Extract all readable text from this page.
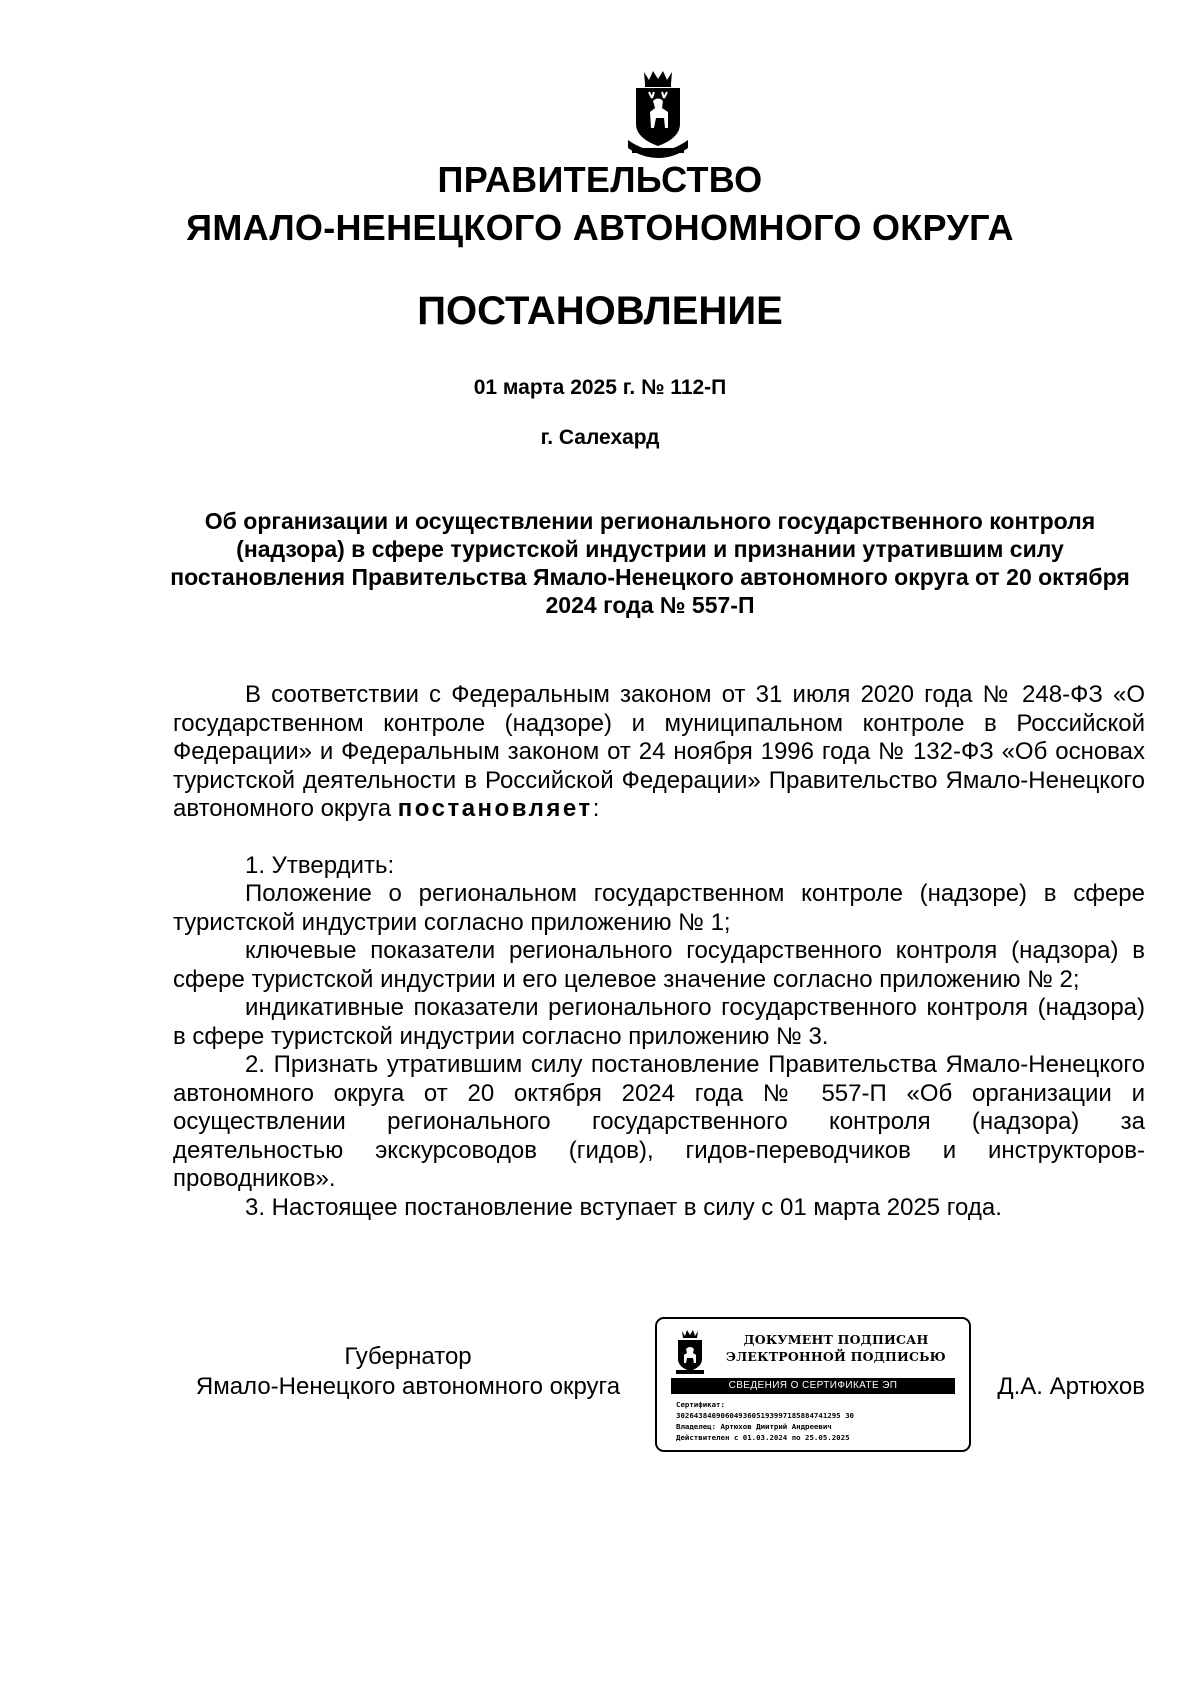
ПРАВИТЕЛЬСТВО
ЯМАЛО-НЕНЕЦКОГО АВТОНОМНОГО ОКРУГА
ПОСТАНОВЛЕНИЕ
01 марта 2025 г. № 112-П
г. Салехард
Об организации и осуществлении регионального государственного контроля (надзора) в сфере туристской индустрии и признании утратившим силу постановления Правительства Ямало-Ненецкого автономного округа от 20 октября 2024 года № 557-П

В соответствии с Федеральным законом от 31 июля 2020 года № 248-ФЗ «О государственном контроле (надзоре) и муниципальном контроле в Российской Федерации» и Федеральным законом от 24 ноября 1996 года № 132-ФЗ «Об основах туристской деятельности в Российской Федерации» Правительство Ямало-Ненецкого автономного округа постановляет:

1. Утвердить:

Положение о региональном государственном контроле (надзоре) в сфере туристской индустрии согласно приложению № 1;

ключевые показатели регионального государственного контроля (надзора) в сфере туристской индустрии и его целевое значение согласно приложению № 2;

индикативные показатели регионального государственного контроля (надзора) в сфере туристской индустрии согласно приложению № 3.

2. Признать утратившим силу постановление Правительства Ямало-Ненецкого автономного округа от 20 октября 2024 года № 557-П «Об организации и осуществлении регионального государственного контроля (надзора) за деятельностью экскурсоводов (гидов), гидов-переводчиков и инструкторов-проводников».

3. Настоящее постановление вступает в силу с 01 марта 2025 года.

Губернатор
Ямало-Ненецкого автономного округа
ДОКУМЕНТ ПОДПИСАН
ЭЛЕКТРОННОЙ ПОДПИСЬЮ
СВЕДЕНИЯ О СЕРТИФИКАТЕ ЭП
Сертификат:
3026438469060493605193997185884741295 30
Владелец: Артюхов Дмитрий Андреевич
Действителен с 01.03.2024 по 25.05.2025
Д.А. Артюхов
